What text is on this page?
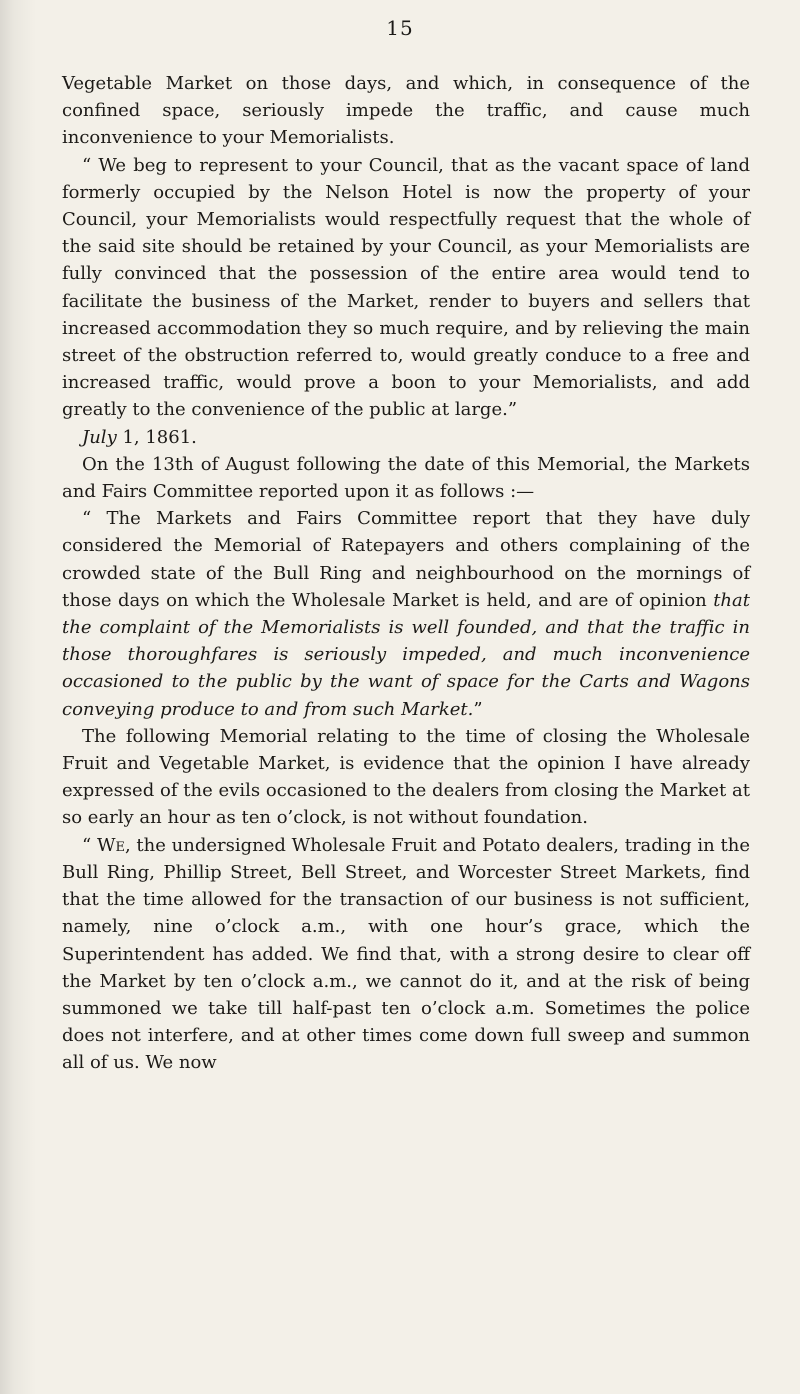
15

Vegetable Market on those days, and which, in consequence of the confined space, seriously impede the traffic, and cause much inconvenience to your Memorialists.

“ We beg to represent to your Council, that as the vacant space of land formerly occupied by the Nelson Hotel is now the property of your Council, your Memorialists would respectfully request that the whole of the said site should be retained by your Council, as your Memorialists are fully convinced that the possession of the entire area would tend to facilitate the business of the Market, render to buyers and sellers that increased accommodation they so much require, and by relieving the main street of the obstruction referred to, would greatly conduce to a free and increased traffic, would prove a boon to your Memorialists, and add greatly to the convenience of the public at large.”

July 1, 1861.

On the 13th of August following the date of this Memorial, the Markets and Fairs Committee reported upon it as follows :—

“ The Markets and Fairs Committee report that they have duly considered the Memorial of Ratepayers and others complaining of the crowded state of the Bull Ring and neighbourhood on the mornings of those days on which the Wholesale Market is held, and are of opinion that the complaint of the Memorialists is well founded, and that the traffic in those thoroughfares is seriously impeded, and much inconvenience occasioned to the public by the want of space for the Carts and Wagons conveying produce to and from such Market.”

The following Memorial relating to the time of closing the Wholesale Fruit and Vegetable Market, is evidence that the opinion I have already expressed of the evils occasioned to the dealers from closing the Market at so early an hour as ten o’clock, is not without foundation.

“ We, the undersigned Wholesale Fruit and Potato dealers, trading in the Bull Ring, Phillip Street, Bell Street, and Worcester Street Markets, find that the time allowed for the transaction of our business is not sufficient, namely, nine o’clock a.m., with one hour’s grace, which the Superintendent has added. We find that, with a strong desire to clear off the Market by ten o’clock a.m., we cannot do it, and at the risk of being summoned we take till half-past ten o’clock a.m. Sometimes the police does not interfere, and at other times come down full sweep and summon all of us. We now
